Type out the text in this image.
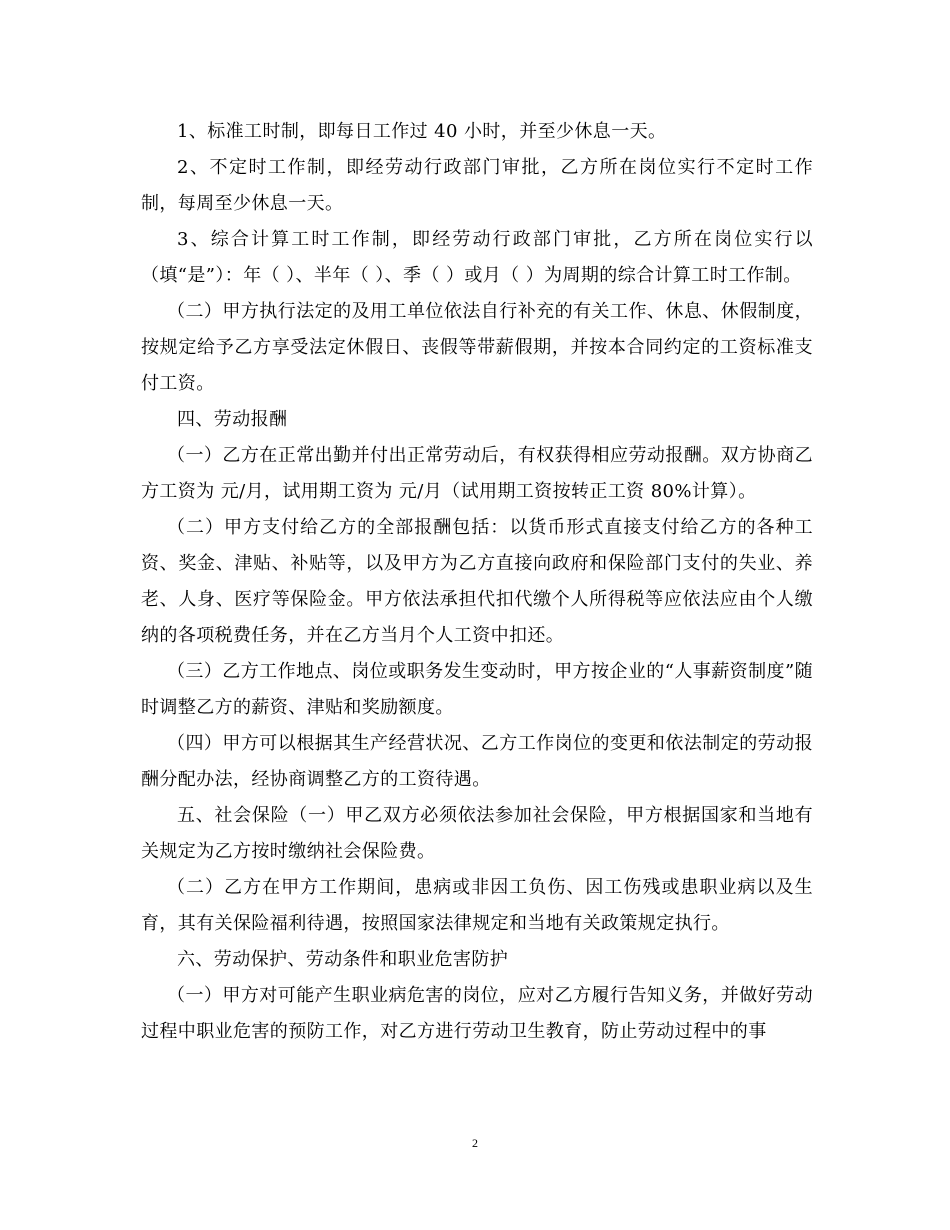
1、标准工时制，即每日工作过 40 小时，并至少休息一天。

2、不定时工作制，即经劳动行政部门审批，乙方所在岗位实行不定时工作制，每周至少休息一天。

3、综合计算工时工作制，即经劳动行政部门审批，乙方所在岗位实行以（填“是”）：年（ ）、半年（ ）、季（ ）或月（ ）为周期的综合计算工时工作制。

（二）甲方执行法定的及用工单位依法自行补充的有关工作、休息、休假制度，按规定给予乙方享受法定休假日、丧假等带薪假期，并按本合同约定的工资标准支付工资。

四、劳动报酬

（一）乙方在正常出勤并付出正常劳动后，有权获得相应劳动报酬。双方协商乙方工资为 元/月，试用期工资为 元/月（试用期工资按转正工资 80%计算）。

（二）甲方支付给乙方的全部报酬包括：以货币形式直接支付给乙方的各种工资、奖金、津贴、补贴等，以及甲方为乙方直接向政府和保险部门支付的失业、养老、人身、医疗等保险金。甲方依法承担代扣代缴个人所得税等应依法应由个人缴纳的各项税费任务，并在乙方当月个人工资中扣还。

（三）乙方工作地点、岗位或职务发生变动时，甲方按企业的“人事薪资制度”随时调整乙方的薪资、津贴和奖励额度。

（四）甲方可以根据其生产经营状况、乙方工作岗位的变更和依法制定的劳动报酬分配办法，经协商调整乙方的工资待遇。

五、社会保险（一）甲乙双方必须依法参加社会保险，甲方根据国家和当地有关规定为乙方按时缴纳社会保险费。

（二）乙方在甲方工作期间，患病或非因工负伤、因工伤残或患职业病以及生育，其有关保险福利待遇，按照国家法律规定和当地有关政策规定执行。

六、劳动保护、劳动条件和职业危害防护

（一）甲方对可能产生职业病危害的岗位，应对乙方履行告知义务，并做好劳动过程中职业危害的预防工作，对乙方进行劳动卫生教育，防止劳动过程中的事

2
